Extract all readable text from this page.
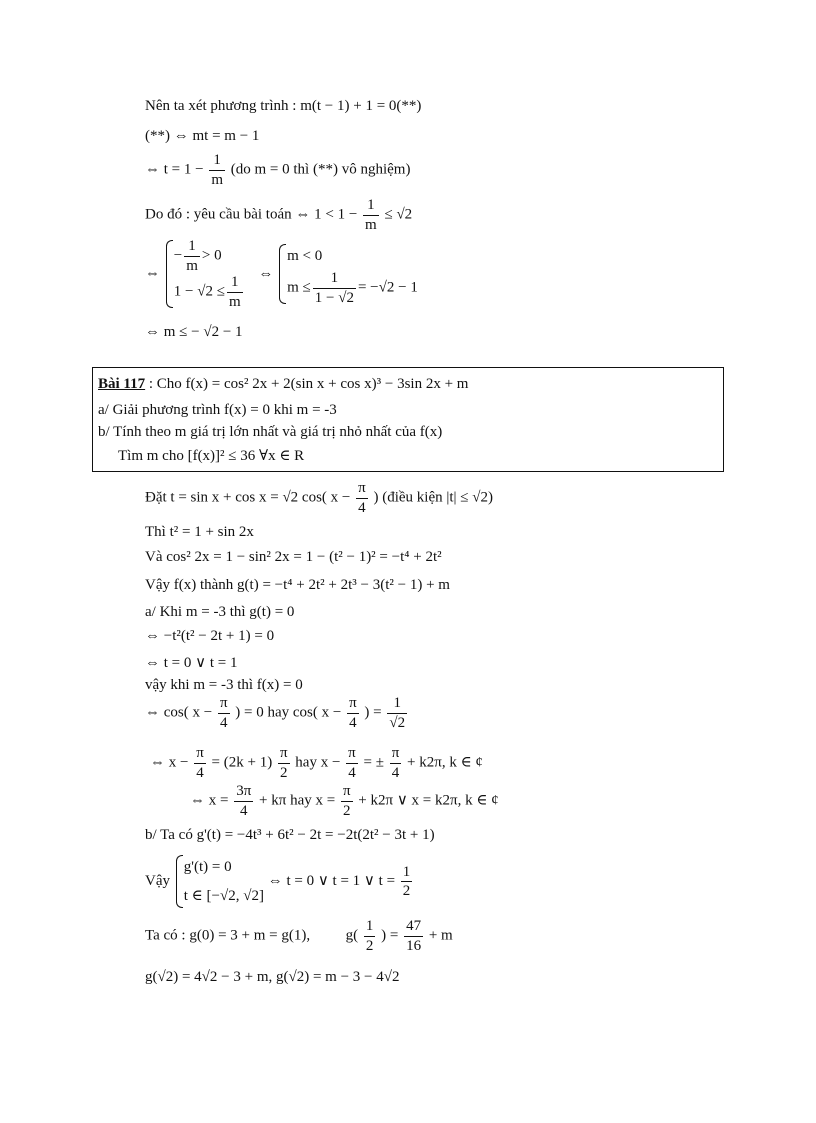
Nên ta xét phương trình : m(t − 1) + 1 = 0(**)
(**) ⇔ mt = m − 1
⇔ $t = 1 - \frac{1}{m} (do$ m = 0 thì (**) vô nghiệm)
Do đó : yêu cầu bài toán ⇔ $1 < 1 - \frac{1}{m} \le √2$
⇔
− $\frac{1}{m} > 0$
$1 - √2 \le \frac{1}{m}$
⇔
m < 0
$m \le \frac{1}{1 - √2} = -√2 - 1$
⇔ m ≤ − √2 − 1
Bài 117 : Cho f(x) = cos² 2x + 2(sin x + cos x)³ − 3sin 2x + m
a/ Giải phương trình f(x) = 0 khi m = -3
b/ Tính theo m giá trị lớn nhất và giá trị nhỏ nhất của f(x)
Tìm m cho [f(x)]² ≤ 36 ∀x ∈ R
Đặt t = sin x + cos x = √2 cos( $x - \frac{\pi}{4}$ ) (điều kiện |t| ≤ √2)
Thì t² = 1 + sin 2x
Và cos² 2x = 1 − sin² 2x = 1 − (t² − 1)² = −t⁴ + 2t²
Vậy f(x) thành g(t) = −t⁴ + 2t² + 2t³ − 3(t² − 1) + m
a/ Khi m = -3 thì g(t) = 0
⇔ −t²(t² − 2t + 1) = 0
⇔ t = 0 ∨ t = 1
vậy khi m = -3 thì f(x) = 0
⇔ cos( $x - \frac{\pi}{4}$ ) = 0 hay cos( $x - \frac{\pi}{4}$ ) = $\frac{1}{√2}$
⇔ $x - \frac{\pi}{4} = (2k + 1) \frac{\pi}{2}$ hay $x - \frac{\pi}{4}$ = ± $\frac{\pi}{4} + k2\pi$, k ∈ ¢
⇔ $x = \frac{3\pi}{4} + k\pi$ hay $x = \frac{\pi}{2} + k2\pi$ ∨ x = k2π, k ∈ ¢
b/ Ta có g'(t) = −4t³ + 6t² − 2t = −2t(2t² − 3t + 1)
Vậy
g'(t) = 0
t ∈ [−√2, √2]
⇔ t = 0 ∨ t = 1 ∨ $t = \frac{1}{2}$
Ta có : g(0) = 3 + m = g(1), $g( \frac{1}{2}$ ) = $\frac{47}{16} + m$
g(√2) = 4√2 − 3 + m, g(√2) = m − 3 − 4√2
